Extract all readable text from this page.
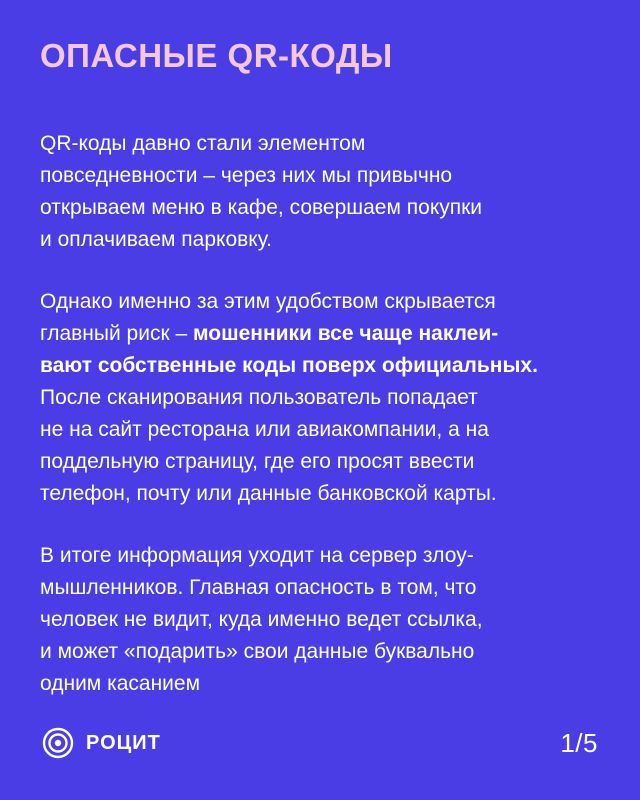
ОПАСНЫЕ QR-КОДЫ

QR-коды давно стали элементом
повседневности – через них мы привычно
открываем меню в кафе, совершаем покупки
и оплачиваем парковку.

Однако именно за этим удобством скрывается
главный риск – мошенники все чаще наклеи-
вают собственные коды поверх официальных.
После сканирования пользователь попадает
не на сайт ресторана или авиакомпании, а на
поддельную страницу, где его просят ввести
телефон, почту или данные банковской карты.

В итоге информация уходит на сервер злоу-
мышленников. Главная опасность в том, что
человек не видит, куда именно ведет ссылка,
и может «подарить» свои данные буквально
одним касанием

РОЦИТ	1/5
